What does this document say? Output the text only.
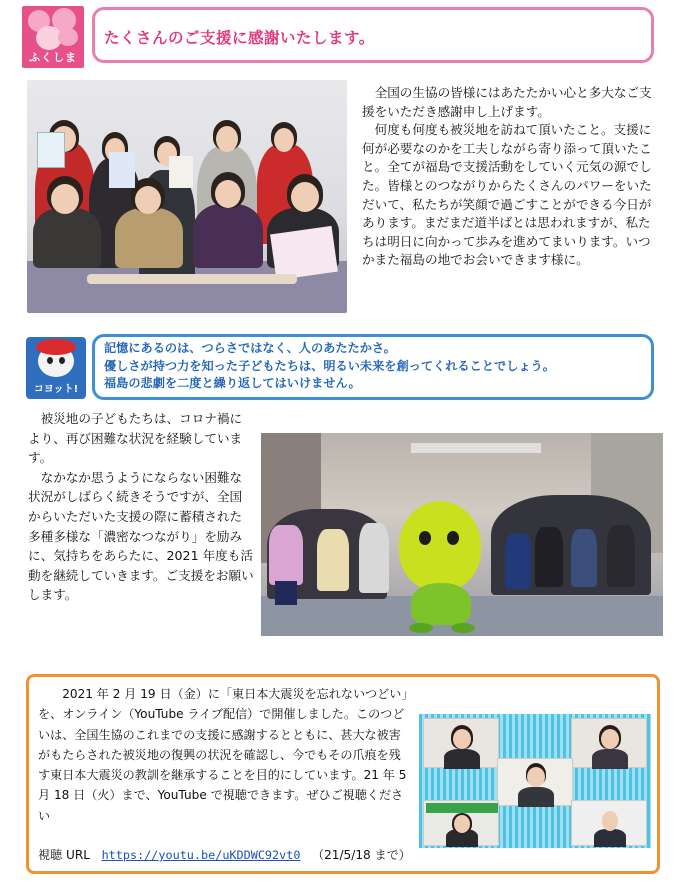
ふくしま
たくさんのご支援に感謝いたします。

全国の生協の皆様にはあたたかい心と多大なご支援をいただき感謝申し上げます。

何度も何度も被災地を訪ねて頂いたこと。支援に何が必要なのかを工夫しながら寄り添って頂いたこと。全てが福島で支援活動をしていく元気の源でした。皆様とのつながりからたくさんのパワーをいただいて、私たちが笑顔で過ごすことができる今日があります。まだまだ道半ばとは思われますが、私たちは明日に向かって歩みを進めてまいります。いつかまた福島の地でお会いできます様に。

コヨット!
記憶にあるのは、つらさではなく、人のあたたかさ。
優しさが持つ力を知った子どもたちは、明るい未来を創ってくれることでしょう。
福島の悲劇を二度と繰り返してはいけません。

被災地の子どもたちは、コロナ禍により、再び困難な状況を経験しています。

なかなか思うようにならない困難な状況がしばらく続きそうですが、全国からいただいた支援の際に蓄積された多種多様な「濃密なつながり」を励みに、気持ちをあらたに、2021 年度も活動を継続していきます。ご支援をお願いします。

2021 年 2 月 19 日（金）に「東日本大震災を忘れないつどい」を、オンライン（YouTube ライブ配信）で開催しました。このつどいは、全国生協のこれまでの支援に感謝するとともに、甚大な被害がもたらされた被災地の復興の状況を確認し、今でもその爪痕を残す東日本大震災の教訓を継承することを目的にしています。21 年 5 月 18 日（火）まで、YouTube で視聴できます。ぜひご視聴ください

視聴 URL https://youtu.be/uKDDWC92vt0 （21/5/18 まで）
